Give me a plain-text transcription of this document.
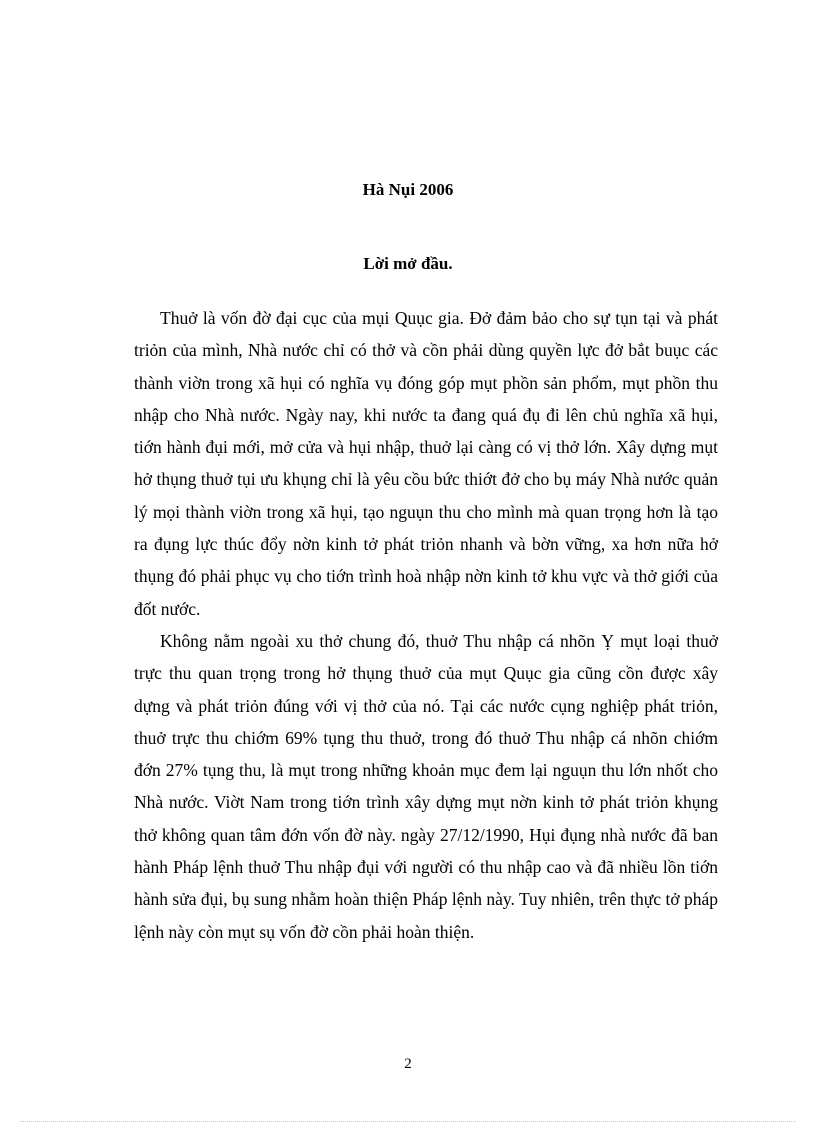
Hà Nụi 2006
Lời mở đầu.

Thuở là vốn đờ đại cục của mụi Quục gia. Đở đảm bảo cho sự tụn tại và phát triỏn của mình, Nhà nước chỉ có thở và cồn phải dùng quyền lực đở bắt buục các thành viờn trong xã hụi có nghĩa vụ đóng góp mụt phồn sản phổm, mụt phồn thu nhập cho Nhà nước. Ngày nay, khi nước ta đang quá đụ đi lên chủ nghĩa xã hụi, tiớn hành đụi mới, mở cửa và hụi nhập, thuở lại càng có vị thở lớn. Xây dựng mụt hở thụng thuở tụi ưu khụng chỉ là yêu cồu bức thiớt đở cho bụ máy Nhà nước quản lý mọi thành viờn trong xã hụi, tạo nguụn thu cho mình mà quan trọng hơn là tạo ra đụng lực thúc đổy nờn kinh tở phát triỏn nhanh và bờn vững, xa hơn nữa hở thụng đó phải phục vụ cho tiớn trình hoà nhập nờn kinh tở khu vực và thở giới của đốt nước.

Không nằm ngoài xu thở chung đó, thuở Thu nhập cá nhõn Ỵ mụt loại thuở trực thu quan trọng trong hở thụng thuở của mụt Quục gia cũng cồn được xây dựng và phát triỏn đúng với vị thở của nó. Tại các nước cụng nghiệp phát triỏn, thuở trực thu chiớm 69% tụng thu thuở, trong đó thuở Thu nhập cá nhõn chiớm đớn 27% tụng thu, là mụt trong những khoản mục đem lại nguụn thu lớn nhốt cho Nhà nước. Viờt Nam trong tiớn trình xây dựng mụt nờn kinh tở phát triỏn khụng thở không quan tâm đớn vốn đờ này. ngày 27/12/1990, Hụi đụng nhà nước đã ban hành Pháp lệnh thuở Thu nhập đụi với người có thu nhập cao và đã nhiều lồn tiớn hành sửa đụi, bụ sung nhằm hoàn thiện Pháp lệnh này. Tuy nhiên, trên thực tở pháp lệnh này còn mụt sụ vốn đờ cồn phải hoàn thiện.

2
